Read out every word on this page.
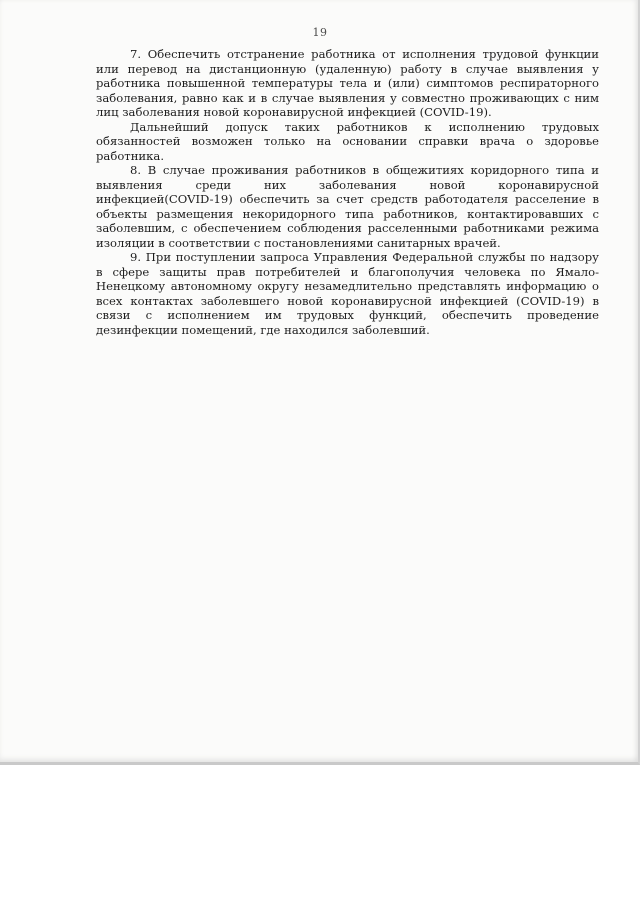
19

7. Обеспечить отстранение работника от исполнения трудовой функции
или перевод на дистанционную (удаленную) работу в случае выявления у
работника повышенной температуры тела и (или) симптомов респираторного
заболевания, равно как и в случае выявления у совместно проживающих с ним
лиц заболевания новой коронавирусной инфекцией (COVID-19).

Дальнейший допуск таких работников к исполнению трудовых
обязанностей возможен только на основании справки врача о здоровье
работника.

8. В случае проживания работников в общежитиях коридорного типа и
выявления среди них заболевания новой коронавирусной
инфекцией(COVID-19) обеспечить за счет средств работодателя расселение в
объекты размещения некоридорного типа работников, контактировавших с
заболевшим, с обеспечением соблюдения расселенными работниками режима
изоляции в соответствии с постановлениями санитарных врачей.

9. При поступлении запроса Управления Федеральной службы по надзору
в сфере защиты прав потребителей и благополучия человека по Ямало-
Ненецкому автономному округу незамедлительно представлять информацию о
всех контактах заболевшего новой коронавирусной инфекцией (COVID-19) в
связи с исполнением им трудовых функций, обеспечить проведение
дезинфекции помещений, где находился заболевший.
